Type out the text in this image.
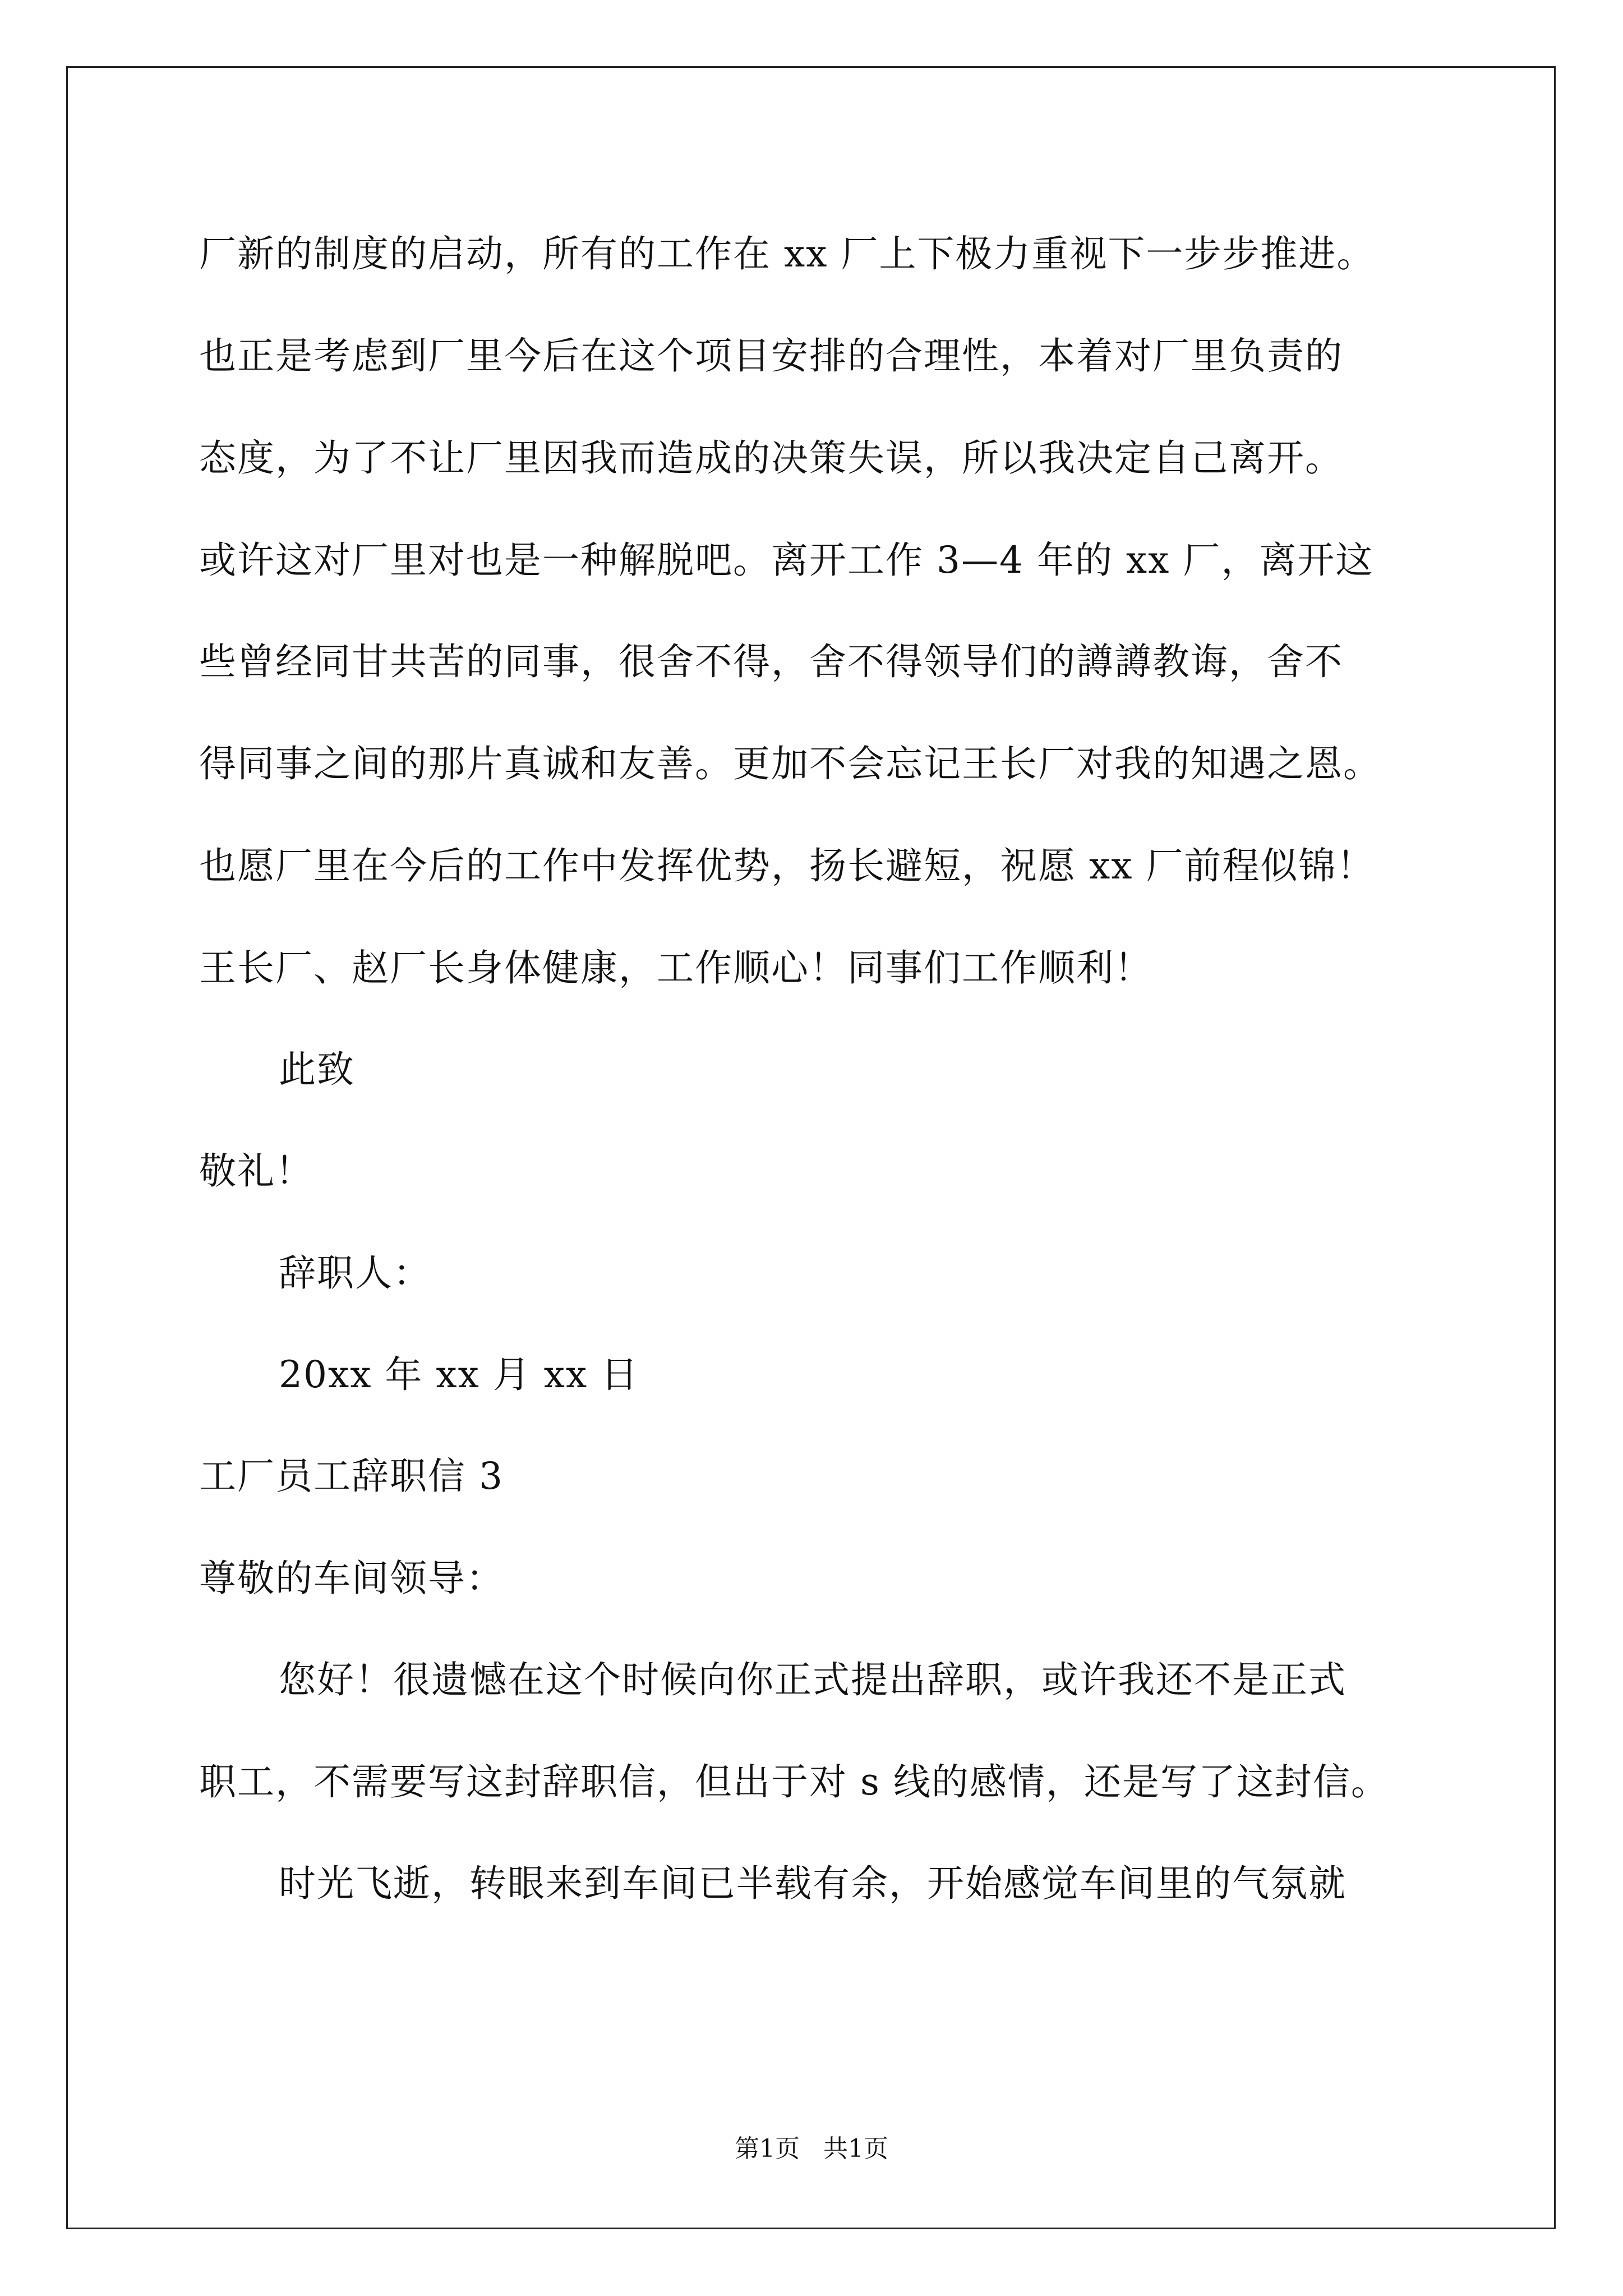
厂新的制度的启动，所有的工作在 xx 厂上下极力重视下一步步推进。
也正是考虑到厂里今后在这个项目安排的合理性，本着对厂里负责的
态度，为了不让厂里因我而造成的决策失误，所以我决定自己离开。
或许这对厂里对也是一种解脱吧。离开工作 3—4 年的 xx 厂，离开这
些曾经同甘共苦的同事，很舍不得，舍不得领导们的譐譐教诲，舍不
得同事之间的那片真诚和友善。更加不会忘记王长厂对我的知遇之恩。
也愿厂里在今后的工作中发挥优势，扬长避短，祝愿 xx 厂前程似锦！
王长厂、赵厂长身体健康，工作顺心！同事们工作顺利！
此致
敬礼！
辞职人：
20xx 年 xx 月 xx 日
工厂员工辞职信 3
尊敬的车间领导：
您好！很遗憾在这个时候向你正式提出辞职，或许我还不是正式
职工，不需要写这封辞职信，但出于对 s 线的感情，还是写了这封信。
时光飞逝，转眼来到车间已半载有余，开始感觉车间里的气氛就
第1页   共1页
